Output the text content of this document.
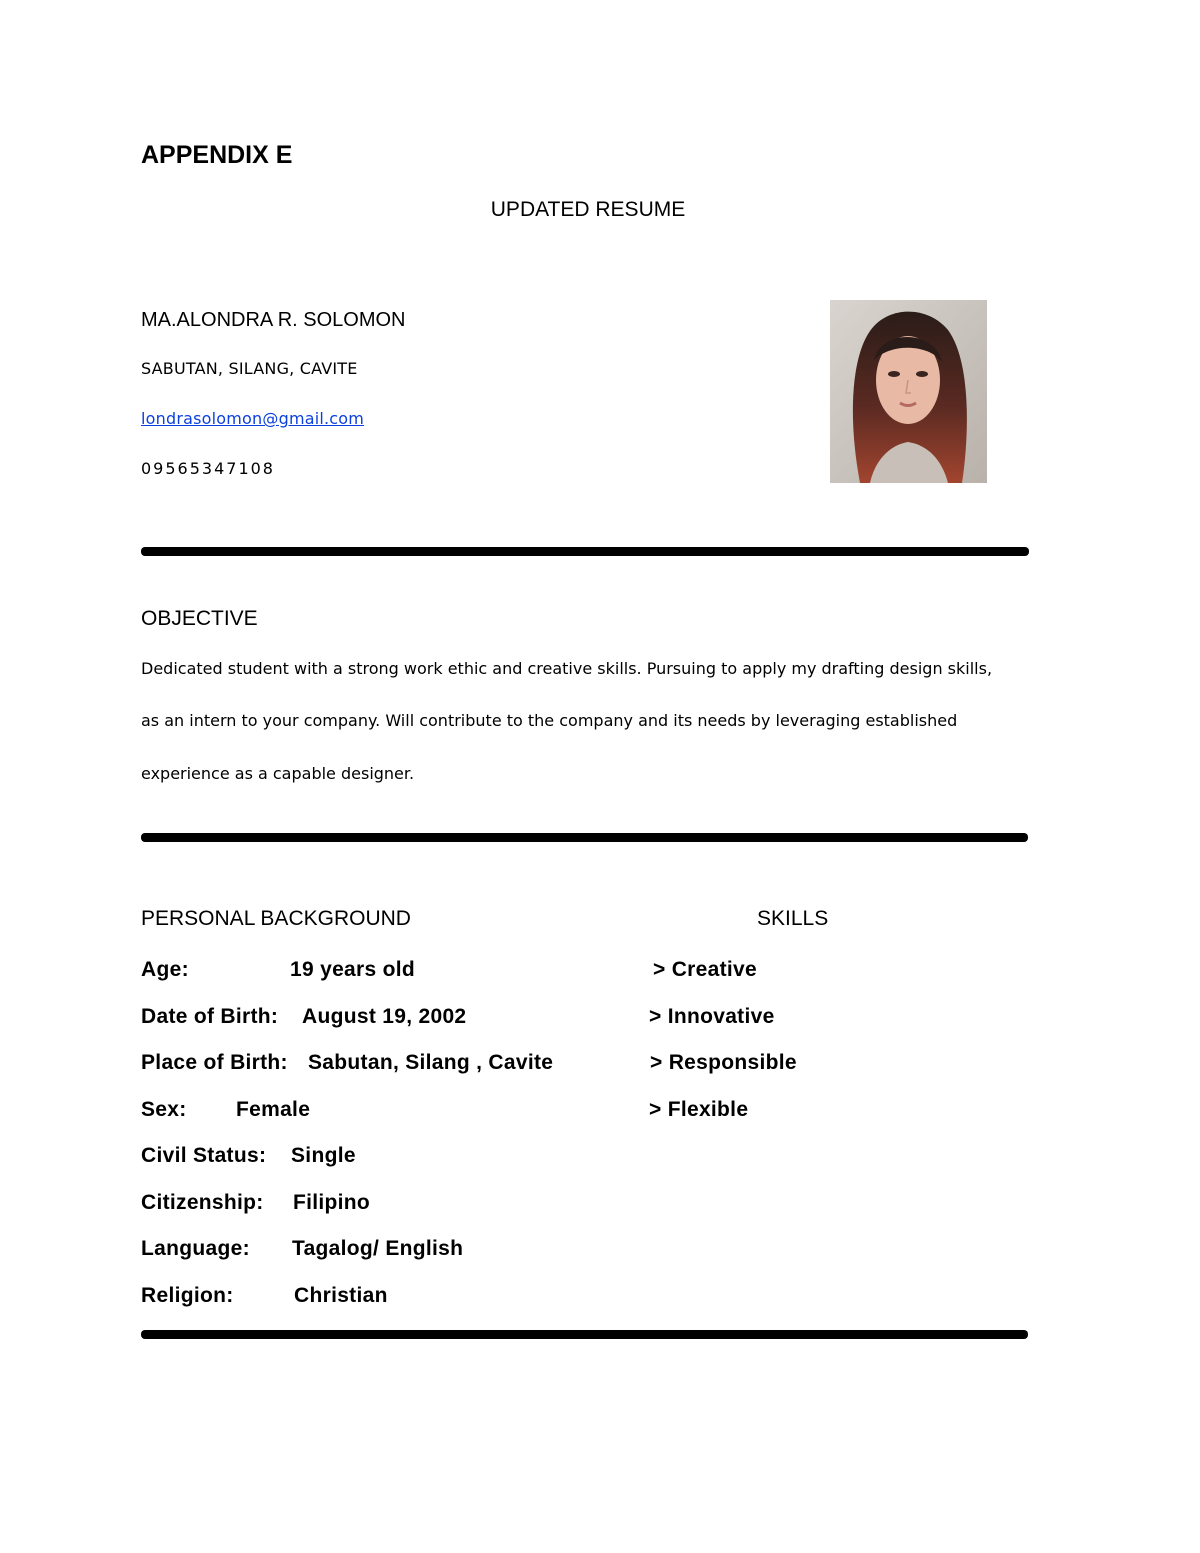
APPENDIX E
UPDATED RESUME
MA.ALONDRA R. SOLOMON
SABUTAN, SILANG, CAVITE
londrasolomon@gmail.com
09565347108
OBJECTIVE
Dedicated student with a strong work ethic and creative skills. Pursuing to apply my drafting design skills,
as an intern to your company. Will contribute to the company and its needs by leveraging established
experience as a capable designer.
PERSONAL BACKGROUND	SKILLS
Age:	19 years old
Date of Birth: August 19, 2002
Place of Birth: Sabutan, Silang , Cavite
Sex: Female
Civil Status: Single
Citizenship: Filipino
Language: Tagalog/ English
Religion:	Christian
> Creative
> Innovative
> Responsible
> Flexible
